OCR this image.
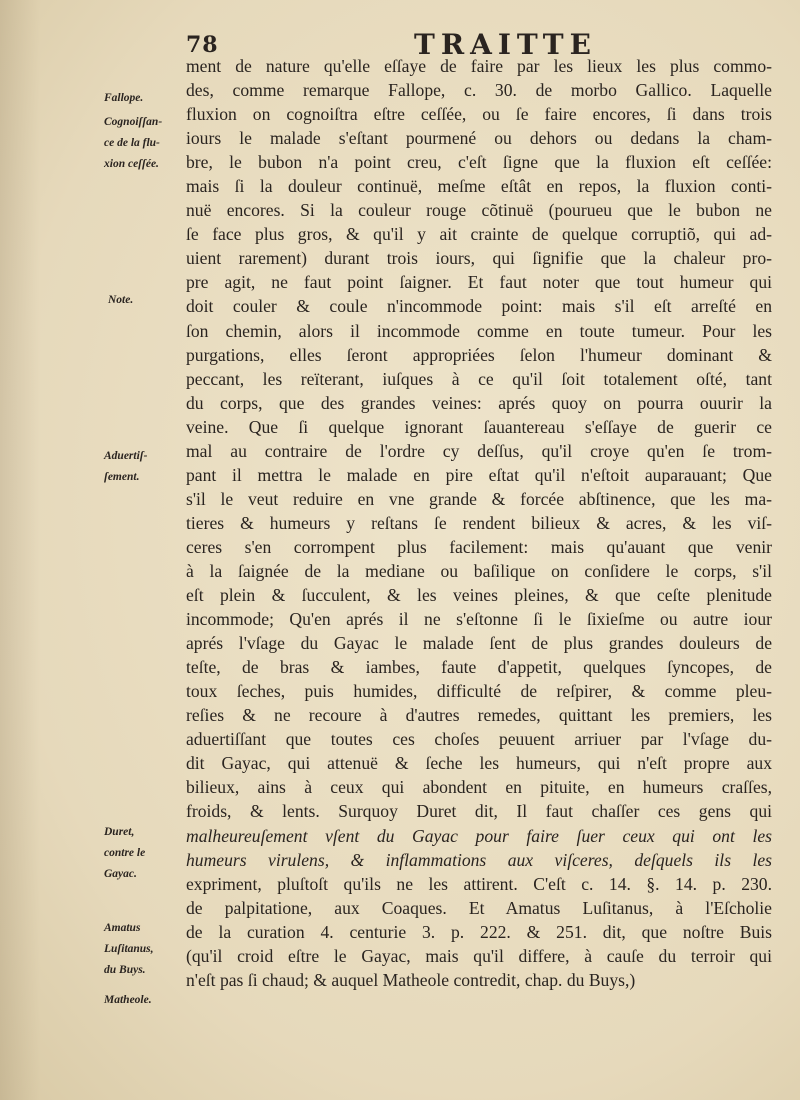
78	TRAITTE
Fallope.
Cognoiſſan-
ce de la flu-
xion ceſſée.
Note.
Aduertiſ-
ſement.
Duret,
contre le
Gayac.
Amatus
Luſitanus,
du Buys.
Matheole.
ment de nature qu'elle eſſaye de faire par les lieux les plus commo-
des, comme remarque Fallope, c. 30. de morbo Gallico. Laquelle
fluxion on cognoiſtra eſtre ceſſée, ou ſe faire encores, ſi dans trois
iours le malade s'eſtant pourmené ou dehors ou dedans la cham-
bre, le bubon n'a point creu, c'eſt ſigne que la fluxion eſt ceſſée:
mais ſi la douleur continuë, meſme eſtât en repos, la fluxion conti-
nuë encores. Si la couleur rouge cõtinuë (pourueu que le bubon ne
ſe face plus gros, & qu'il y ait crainte de quelque corruptiõ, qui ad-
uient rarement) durant trois iours, qui ſignifie que la chaleur pro-
pre agit, ne faut point ſaigner. Et faut noter que tout humeur qui
doit couler & coule n'incommode point: mais s'il eſt arreſté en
ſon chemin, alors il incommode comme en toute tumeur. Pour les
purgations, elles ſeront appropriées ſelon l'humeur dominant &
peccant, les reïterant, iuſques à ce qu'il ſoit totalement oſté, tant
du corps, que des grandes veines: aprés quoy on pourra ouurir la
veine. Que ſi quelque ignorant ſauantereau s'eſſaye de guerir ce
mal au contraire de l'ordre cy deſſus, qu'il croye qu'en ſe trom-
pant il mettra le malade en pire eſtat qu'il n'eſtoit auparauant; Que
s'il le veut reduire en vne grande & forcée abſtinence, que les ma-
tieres & humeurs y reſtans ſe rendent bilieux & acres, & les viſ-
ceres s'en corrompent plus facilement: mais qu'auant que venir
à la ſaignée de la mediane ou baſilique on conſidere le corps, s'il
eſt plein & ſucculent, & les veines pleines, & que ceſte plenitude
incommode; Qu'en aprés il ne s'eſtonne ſi le ſixieſme ou autre iour
aprés l'vſage du Gayac le malade ſent de plus grandes douleurs de
teſte, de bras & iambes, faute d'appetit, quelques ſyncopes, de
toux ſeches, puis humides, difficulté de reſpirer, & comme pleu-
reſies & ne recoure à d'autres remedes, quittant les premiers, les
aduertiſſant que toutes ces choſes peuuent arriuer par l'vſage du-
dit Gayac, qui attenuë & ſeche les humeurs, qui n'eſt propre aux
bilieux, ains à ceux qui abondent en pituite, en humeurs craſſes,
froids, & lents. Surquoy Duret dit, Il faut chaſſer ces gens qui
malheureuſement vſent du Gayac pour faire ſuer ceux qui ont les
humeurs virulens, & inflammations aux viſceres, deſquels ils les
expriment, pluſtoſt qu'ils ne les attirent. C'eſt c. 14. §. 14. p. 230.
de palpitatione, aux Coaques. Et Amatus Luſitanus, à l'Eſcholie
de la curation 4. centurie 3. p. 222. & 251. dit, que noſtre Buis
(qu'il croid eſtre le Gayac, mais qu'il differe, à cauſe du terroir qui
n'eſt pas ſi chaud; & auquel Matheole contredit, chap. du Buys,)
